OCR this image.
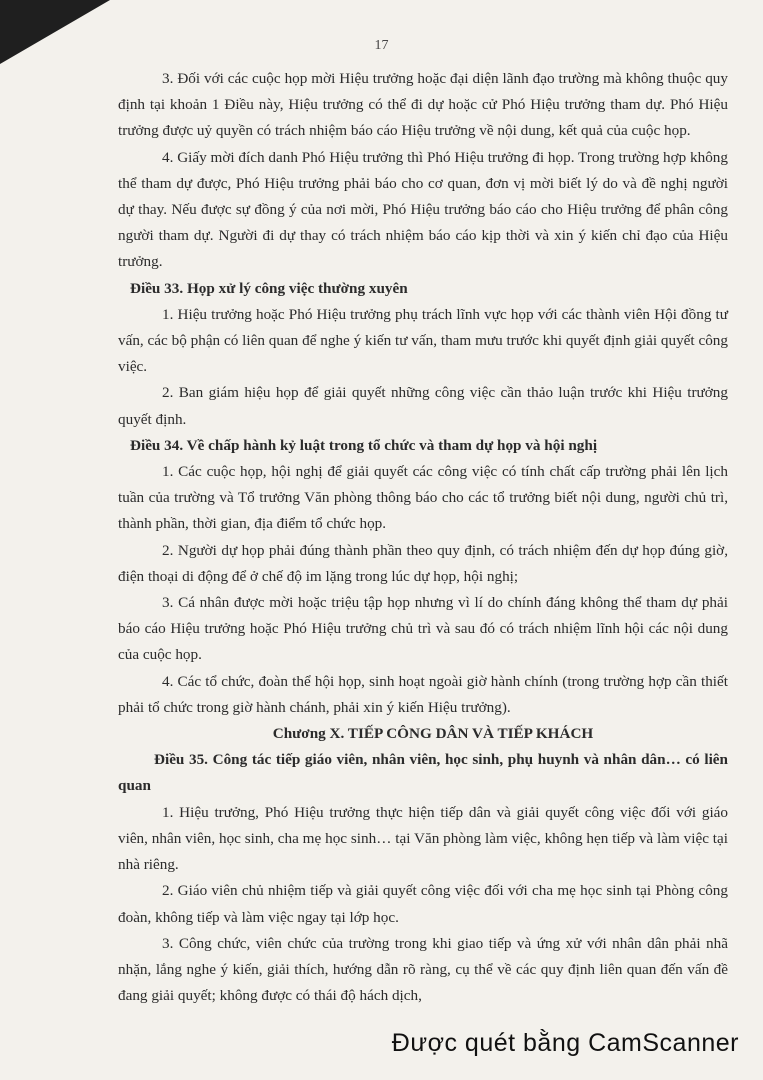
17

3. Đối với các cuộc họp mời Hiệu trưởng hoặc đại diện lãnh đạo trường mà không thuộc quy định tại khoản 1 Điều này, Hiệu trưởng có thể đi dự hoặc cử Phó Hiệu trưởng tham dự. Phó Hiệu trưởng được uỷ quyền có trách nhiệm báo cáo Hiệu trưởng về nội dung, kết quả của cuộc họp.

4. Giấy mời đích danh Phó Hiệu trưởng thì Phó Hiệu trưởng đi họp. Trong trường hợp không thể tham dự được, Phó Hiệu trưởng phải báo cho cơ quan, đơn vị mời biết lý do và đề nghị người dự thay. Nếu được sự đồng ý của nơi mời, Phó Hiệu trưởng báo cáo cho Hiệu trưởng để phân công người tham dự. Người đi dự thay có trách nhiệm báo cáo kịp thời và xin ý kiến chỉ đạo của Hiệu trưởng.

Điều 33. Họp xử lý công việc thường xuyên

1. Hiệu trưởng hoặc Phó Hiệu trưởng phụ trách lĩnh vực họp với các thành viên Hội đồng tư vấn, các bộ phận có liên quan để nghe ý kiến tư vấn, tham mưu trước khi quyết định giải quyết công việc.

2. Ban giám hiệu họp để giải quyết những công việc cần thảo luận trước khi Hiệu trưởng quyết định.

Điều 34. Về chấp hành kỷ luật trong tổ chức và tham dự họp và hội nghị

1. Các cuộc họp, hội nghị để giải quyết các công việc có tính chất cấp trường phải lên lịch tuần của trường và Tổ trưởng Văn phòng thông báo cho các tổ trưởng biết nội dung, người chủ trì, thành phần, thời gian, địa điểm tổ chức họp.

2. Người dự họp phải đúng thành phần theo quy định, có trách nhiệm đến dự họp đúng giờ, điện thoại di động để ở chế độ im lặng trong lúc dự họp, hội nghị;

3. Cá nhân được mời hoặc triệu tập họp nhưng vì lí do chính đáng không thể tham dự phải báo cáo Hiệu trưởng hoặc Phó Hiệu trưởng chủ trì và sau đó có trách nhiệm lĩnh hội các nội dung của cuộc họp.

4. Các tổ chức, đoàn thể hội họp, sinh hoạt ngoài giờ hành chính (trong trường hợp cần thiết phải tổ chức trong giờ hành chánh, phải xin ý kiến Hiệu trưởng).

Chương X. TIẾP CÔNG DÂN VÀ TIẾP KHÁCH

Điều 35. Công tác tiếp giáo viên, nhân viên, học sinh, phụ huynh và nhân dân… có liên quan

1. Hiệu trưởng, Phó Hiệu trưởng thực hiện tiếp dân và giải quyết công việc đối với giáo viên, nhân viên, học sinh, cha mẹ học sinh… tại Văn phòng làm việc, không hẹn tiếp và làm việc tại nhà riêng.

2. Giáo viên chủ nhiệm tiếp và giải quyết công việc đối với cha mẹ học sinh tại Phòng công đoàn, không tiếp và làm việc ngay tại lớp học.

3. Công chức, viên chức của trường trong khi giao tiếp và ứng xử với nhân dân phải nhã nhặn, lắng nghe ý kiến, giải thích, hướng dẫn rõ ràng, cụ thể về các quy định liên quan đến vấn đề đang giải quyết; không được có thái độ hách dịch,

Được quét bằng CamScanner
